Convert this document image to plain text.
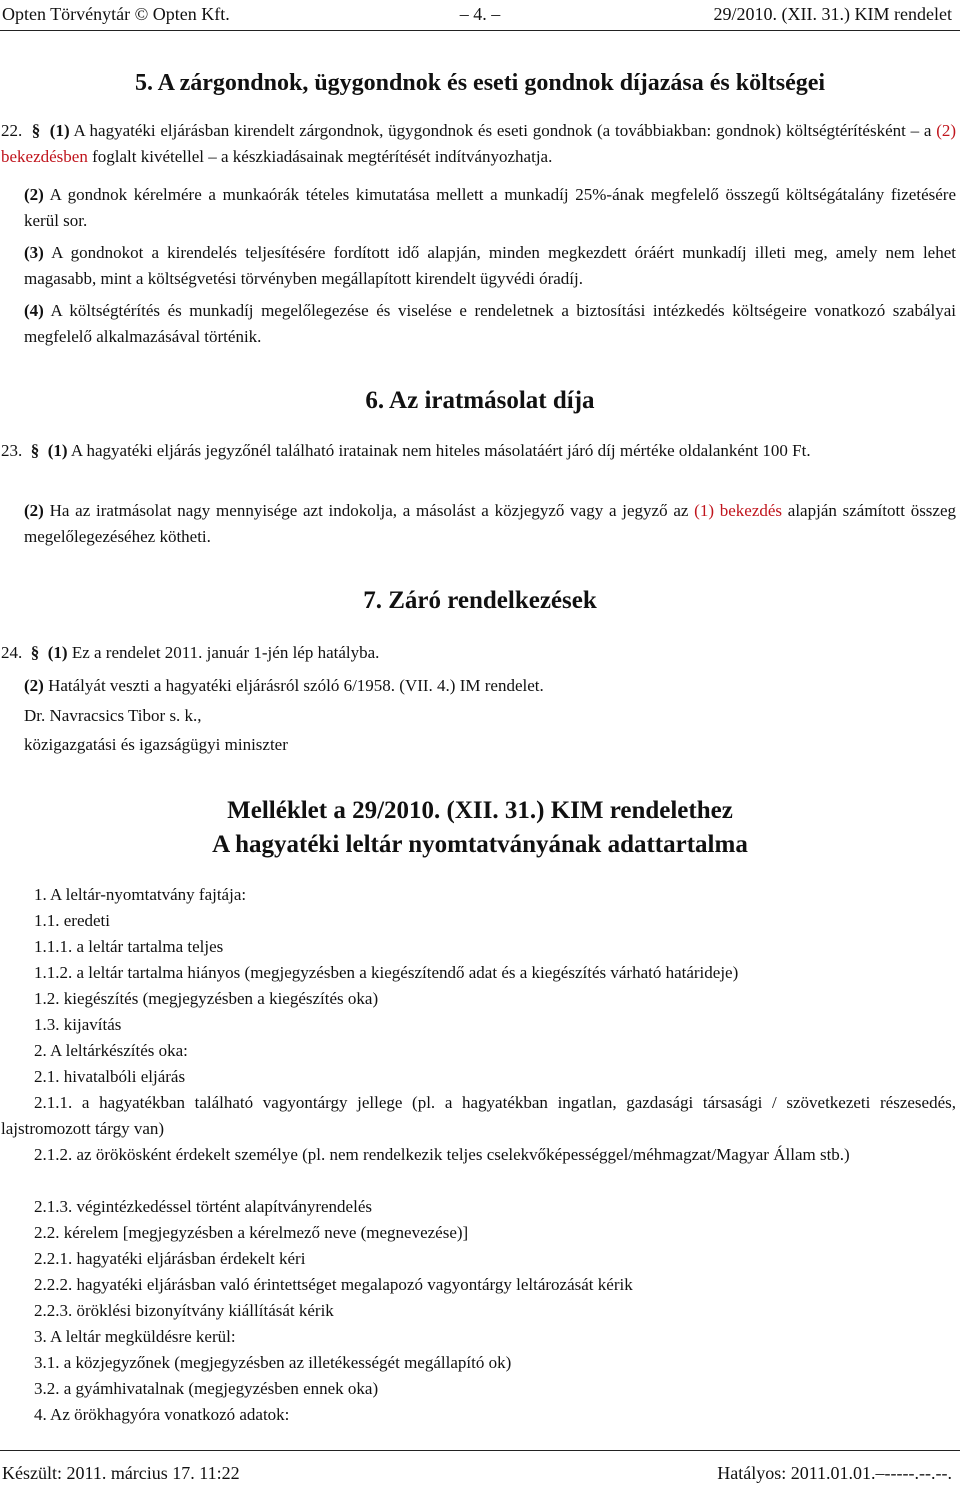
Opten Törvénytár © Opten Kft.	– 4. –	29/2010. (XII. 31.) KIM rendelet
5. A zárgondnok, ügygondnok és eseti gondnok díjazása és költségei
22. § (1) A hagyatéki eljárásban kirendelt zárgondnok, ügygondnok és eseti gondnok (a továbbiakban: gondnok) költségtérítésként – a (2) bekezdésben foglalt kivétellel – a készkiadásainak megtérítését indítványozhatja.
(2) A gondnok kérelmére a munkaórák tételes kimutatása mellett a munkadíj 25%-ának megfelelő összegű költségátalány fizetésére kerül sor.
(3) A gondnokot a kirendelés teljesítésére fordított idő alapján, minden megkezdett óráért munkadíj illeti meg, amely nem lehet magasabb, mint a költségvetési törvényben megállapított kirendelt ügyvédi óradíj.
(4) A költségtérítés és munkadíj megelőlegezése és viselése e rendeletnek a biztosítási intézkedés költségeire vonatkozó szabályai megfelelő alkalmazásával történik.
6. Az iratmásolat díja
23. § (1) A hagyatéki eljárás jegyzőnél található iratainak nem hiteles másolatáért járó díj mértéke oldalanként 100 Ft.
(2) Ha az iratmásolat nagy mennyisége azt indokolja, a másolást a közjegyző vagy a jegyző az (1) bekezdés alapján számított összeg megelőlegezéséhez kötheti.
7. Záró rendelkezések
24. § (1) Ez a rendelet 2011. január 1-jén lép hatályba.
(2) Hatályát veszti a hagyatéki eljárásról szóló 6/1958. (VII. 4.) IM rendelet.
Dr. Navracsics Tibor s. k.,
közigazgatási és igazságügyi miniszter
Melléklet a 29/2010. (XII. 31.) KIM rendelethez
A hagyatéki leltár nyomtatványának adattartalma
1. A leltár-nyomtatvány fajtája:
1.1. eredeti
1.1.1. a leltár tartalma teljes
1.1.2. a leltár tartalma hiányos (megjegyzésben a kiegészítendő adat és a kiegészítés várható határideje)
1.2. kiegészítés (megjegyzésben a kiegészítés oka)
1.3. kijavítás
2. A leltárkészítés oka:
2.1. hivatalbóli eljárás
2.1.1. a hagyatékban található vagyontárgy jellege (pl. a hagyatékban ingatlan, gazdasági társasági / szövetkezeti részesedés, lajstromozott tárgy van)
2.1.2. az örökösként érdekelt személye (pl. nem rendelkezik teljes cselekvőképességgel/méhmagzat/Magyar Állam stb.)
2.1.3. végintézkedéssel történt alapítványrendelés
2.2. kérelem [megjegyzésben a kérelmező neve (megnevezése)]
2.2.1. hagyatéki eljárásban érdekelt kéri
2.2.2. hagyatéki eljárásban való érintettséget megalapozó vagyontárgy leltározását kérik
2.2.3. öröklési bizonyítvány kiállítását kérik
3. A leltár megküldésre kerül:
3.1. a közjegyzőnek (megjegyzésben az illetékességét megállapító ok)
3.2. a gyámhivatalnak (megjegyzésben ennek oka)
4. Az örökhagyóra vonatkozó adatok:
Készült: 2011. március 17. 11:22	Hatályos: 2011.01.01.–-----.--.--.
